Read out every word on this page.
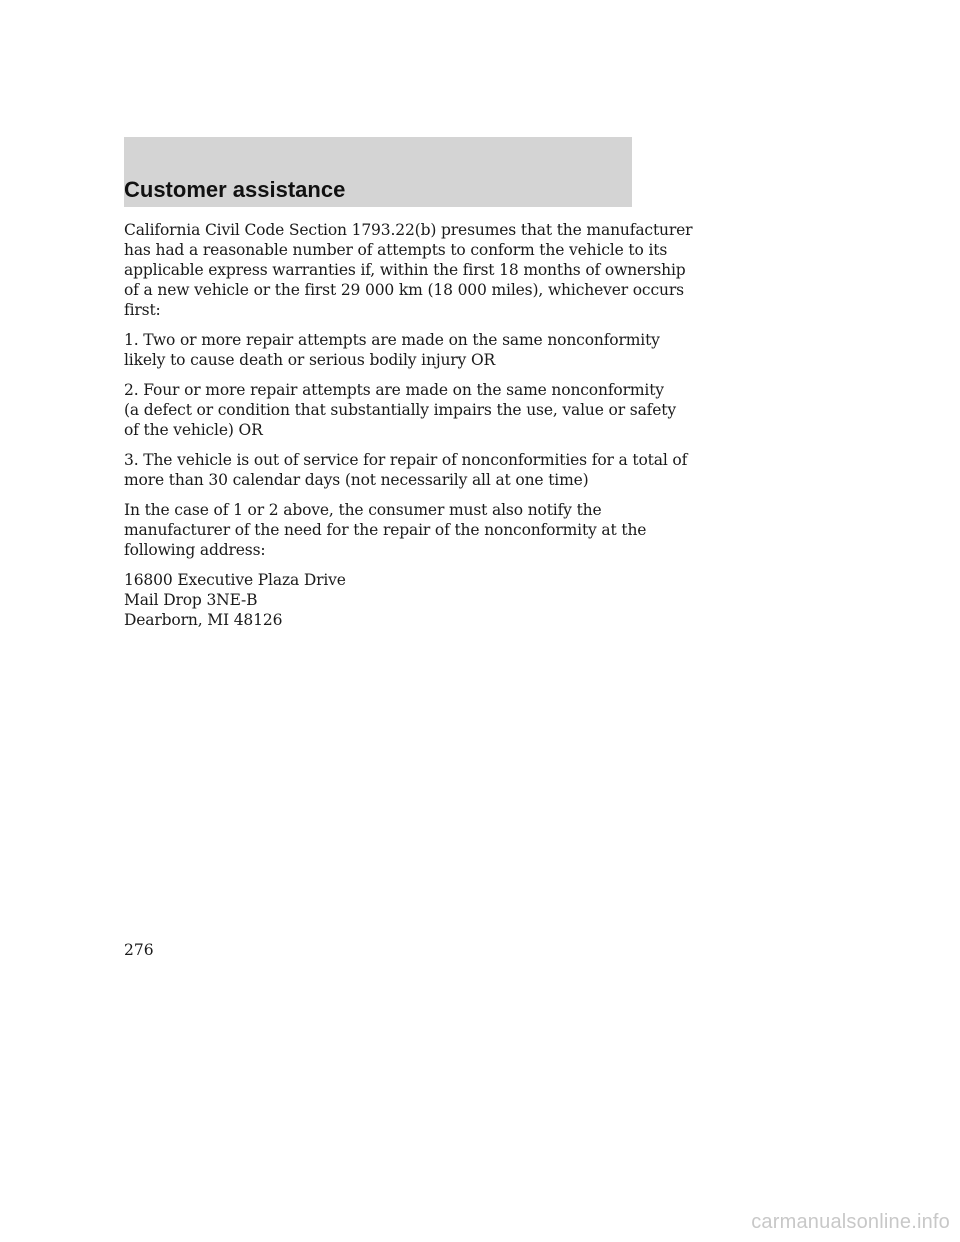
Customer assistance

California Civil Code Section 1793.22(b) presumes that the manufacturer
has had a reasonable number of attempts to conform the vehicle to its
applicable express warranties if, within the first 18 months of ownership
of a new vehicle or the first 29 000 km (18 000 miles), whichever occurs
first:

1. Two or more repair attempts are made on the same nonconformity
likely to cause death or serious bodily injury OR

2. Four or more repair attempts are made on the same nonconformity
(a defect or condition that substantially impairs the use, value or safety
of the vehicle) OR

3. The vehicle is out of service for repair of nonconformities for a total of
more than 30 calendar days (not necessarily all at one time)

In the case of 1 or 2 above, the consumer must also notify the
manufacturer of the need for the repair of the nonconformity at the
following address:

16800 Executive Plaza Drive
Mail Drop 3NE-B
Dearborn, MI 48126

276
carmanualsonline.info
